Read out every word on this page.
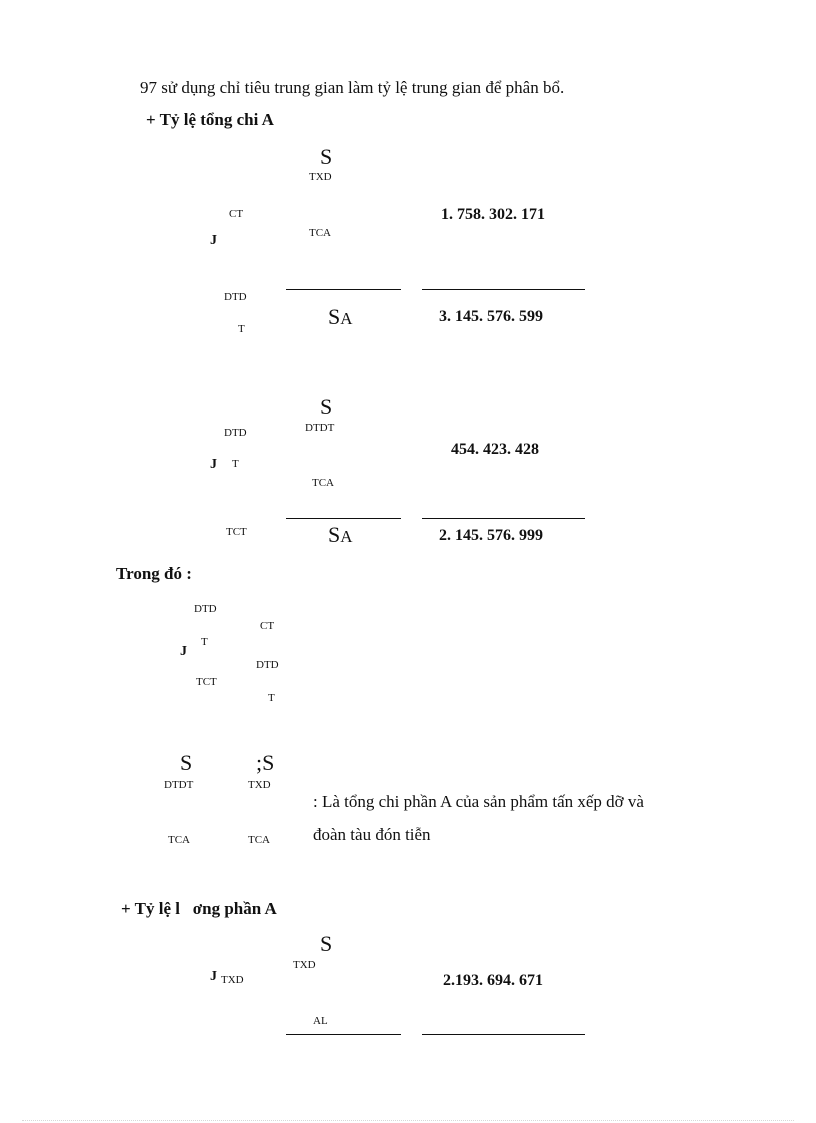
97 sử dụng chỉ tiêu trung gian làm tỷ lệ trung gian để phân bổ.
+ Tỷ lệ tổng chi A
S
TXD
CT
J	TCA
1. 758. 302. 171
DTD
T	SA	3. 145. 576. 599
S
DTDT
DTD
J T
454. 423. 428
TCA
TCT	SA	2. 145. 576. 999
Trong đó :
DTD
CT
T
J
DTD
TCT
T
S	;S
DTDT	TXD
: Là tổng chi phần A của sản phẩm tấn xếp dỡ và
đoàn tàu đón tiễn
TCA	TCA
+ Tỷ lệ l   ơng phần A
S
TXD
J TXD	2.193. 694. 671
AL
